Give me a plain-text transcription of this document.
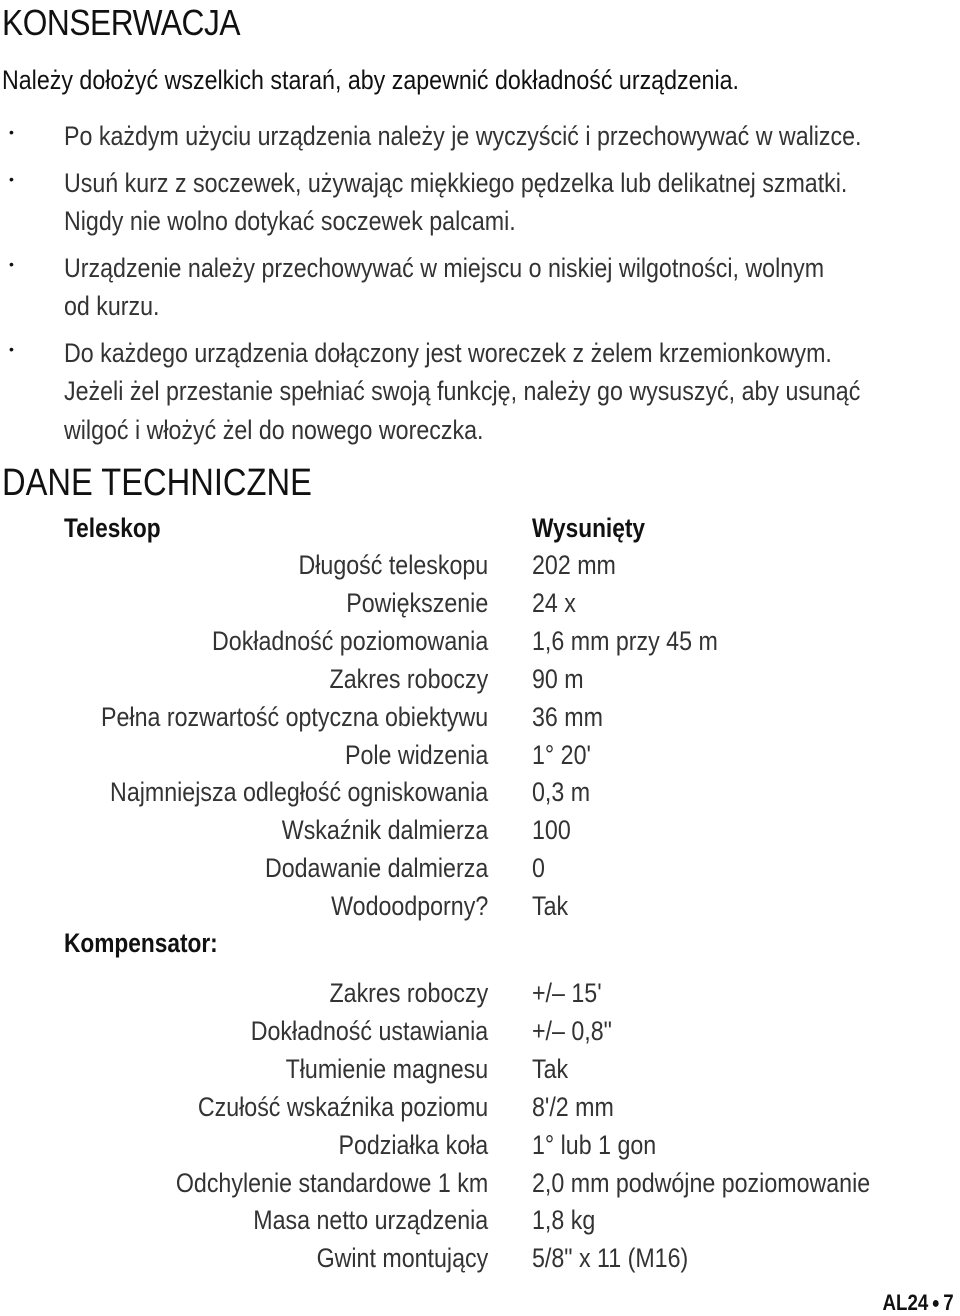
KONSERWACJA
Należy dołożyć wszelkich starań, aby zapewnić dokładność urządzenia.
• Po każdym użyciu urządzenia należy je wyczyścić i przechowywać w walizce.
• Usuń kurz z soczewek, używając miękkiego pędzelka lub delikatnej szmatki.
Nigdy nie wolno dotykać soczewek palcami.
• Urządzenie należy przechowywać w miejscu o niskiej wilgotności, wolnym
od kurzu.
• Do każdego urządzenia dołączony jest woreczek z żelem krzemionkowym.
Jeżeli żel przestanie spełniać swoją funkcję, należy go wysuszyć, aby usunąć
wilgoć i włożyć żel do nowego woreczka.
DANE TECHNICZNE
Teleskop	Wysunięty
Długość teleskopu
Powiększenie
Dokładność poziomowania
Zakres roboczy
Pełna rozwartość optyczna obiektywu
Pole widzenia
Najmniejsza odległość ogniskowania
Wskaźnik dalmierza
Dodawanie dalmierza
Wodoodporny?
202 mm
24 x
1,6 mm przy 45 m
90 m
36 mm
1° 20'
0,3 m
100
0
Tak
Kompensator:
Zakres roboczy
Dokładność ustawiania
Tłumienie magnesu
Czułość wskaźnika poziomu
Podziałka koła
Odchylenie standardowe 1 km
Masa netto urządzenia
Gwint montujący
+/– 15'
+/– 0,8"
Tak
8'/2 mm
1° lub 1 gon
2,0 mm podwójne poziomowanie
1,8 kg
5/8" x 11 (M16)
AL24 ● 7
